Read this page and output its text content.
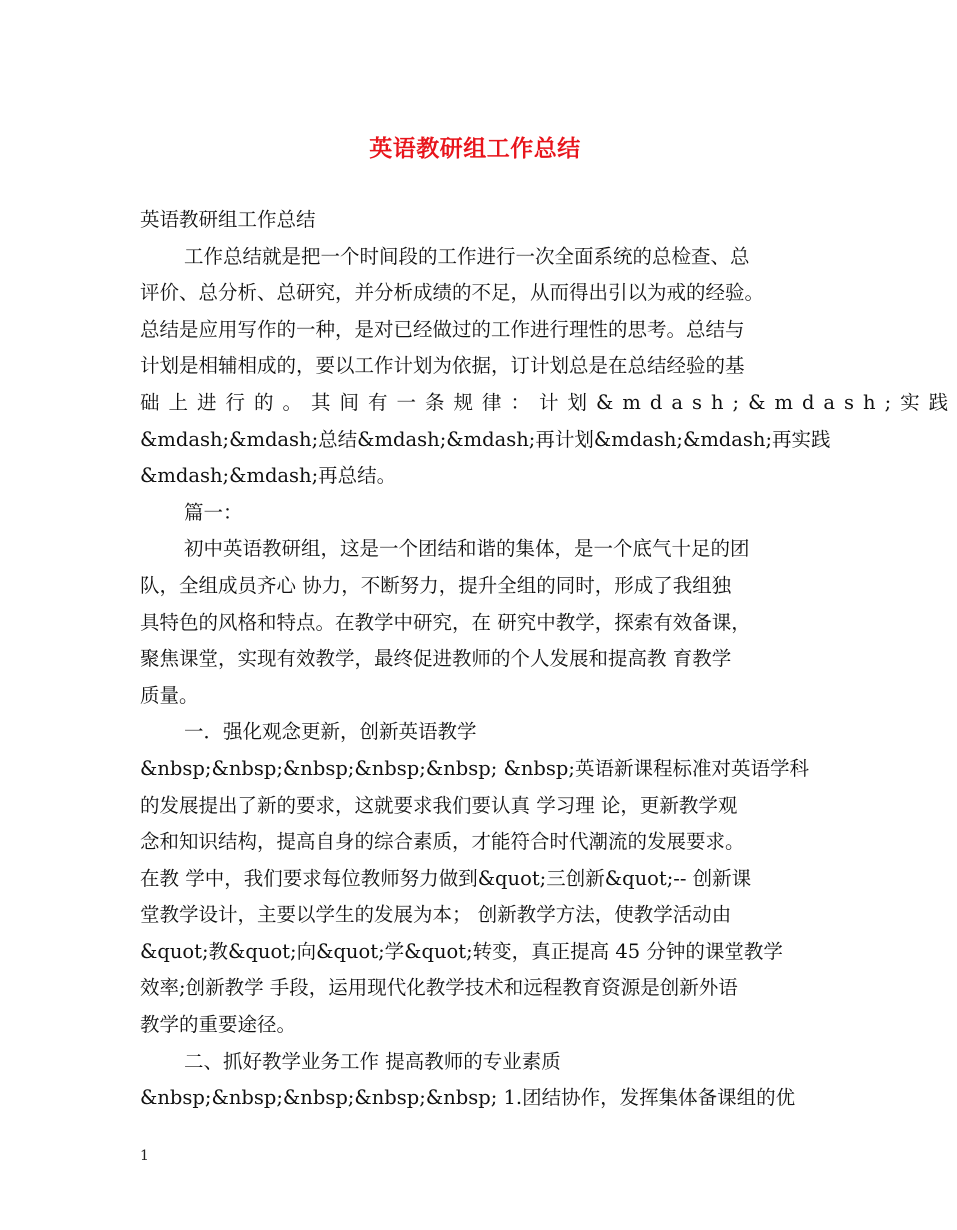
英语教研组工作总结
英语教研组工作总结
工作总结就是把一个时间段的工作进行一次全面系统的总检查、总
评价、总分析、总研究，并分析成绩的不足，从而得出引以为戒的经验。
总结是应用写作的一种，是对已经做过的工作进行理性的思考。总结与
计划是相辅相成的，要以工作计划为依据，订计划总是在总结经验的基
础上进行的。其间有一条规律：计划&mdash;&mdash;实践
&mdash;&mdash;总结&mdash;&mdash;再计划&mdash;&mdash;再实践
&mdash;&mdash;再总结。
篇一：
初中英语教研组，这是一个团结和谐的集体，是一个底气十足的团
队，全组成员齐心 协力，不断努力，提升全组的同时，形成了我组独
具特色的风格和特点。在教学中研究，在 研究中教学，探索有效备课，
聚焦课堂，实现有效教学，最终促进教师的个人发展和提高教 育教学
质量。
一．强化观念更新，创新英语教学
&nbsp;&nbsp;&nbsp;&nbsp;&nbsp; &nbsp;英语新课程标准对英语学科
的发展提出了新的要求，这就要求我们要认真 学习理 论，更新教学观
念和知识结构，提高自身的综合素质，才能符合时代潮流的发展要求。
在教 学中，我们要求每位教师努力做到&quot;三创新&quot;-- 创新课
堂教学设计，主要以学生的发展为本； 创新教学方法，使教学活动由
&quot;教&quot;向&quot;学&quot;转变，真正提高 45 分钟的课堂教学
效率;创新教学 手段，运用现代化教学技术和远程教育资源是创新外语
教学的重要途径。
二、抓好教学业务工作 提高教师的专业素质
&nbsp;&nbsp;&nbsp;&nbsp;&nbsp; 1.团结协作，发挥集体备课组的优
1
